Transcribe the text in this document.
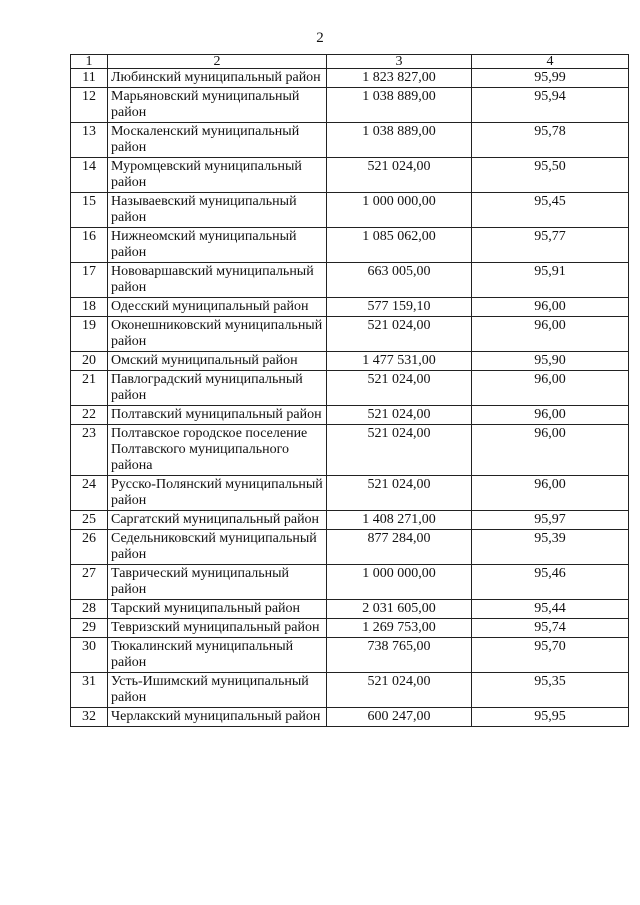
2
1	2	3	4
11	Любинский муниципальный район	1 823 827,00	95,99
12	Марьяновский муниципальный район	1 038 889,00	95,94
13	Москаленский муниципальный район	1 038 889,00	95,78
14	Муромцевский муниципальный район	521 024,00	95,50
15	Называевский муниципальный район	1 000 000,00	95,45
16	Нижнеомский муниципальный район	1 085 062,00	95,77
17	Нововаршавский муниципальный район	663 005,00	95,91
18	Одесский муниципальный район	577 159,10	96,00
19	Оконешниковский муниципальный район	521 024,00	96,00
20	Омский муниципальный район	1 477 531,00	95,90
21	Павлоградский муниципальный район	521 024,00	96,00
22	Полтавский муниципальный район	521 024,00	96,00
23	Полтавское городское поселение Полтавского муниципального района	521 024,00	96,00
24	Русско-Полянский муниципальный район	521 024,00	96,00
25	Саргатский муниципальный район	1 408 271,00	95,97
26	Седельниковский муниципальный район	877 284,00	95,39
27	Таврический муниципальный район	1 000 000,00	95,46
28	Тарский муниципальный район	2 031 605,00	95,44
29	Тевризский муниципальный район	1 269 753,00	95,74
30	Тюкалинский муниципальный район	738 765,00	95,70
31	Усть-Ишимский муниципальный район	521 024,00	95,35
32	Черлакский муниципальный район	600 247,00	95,95
